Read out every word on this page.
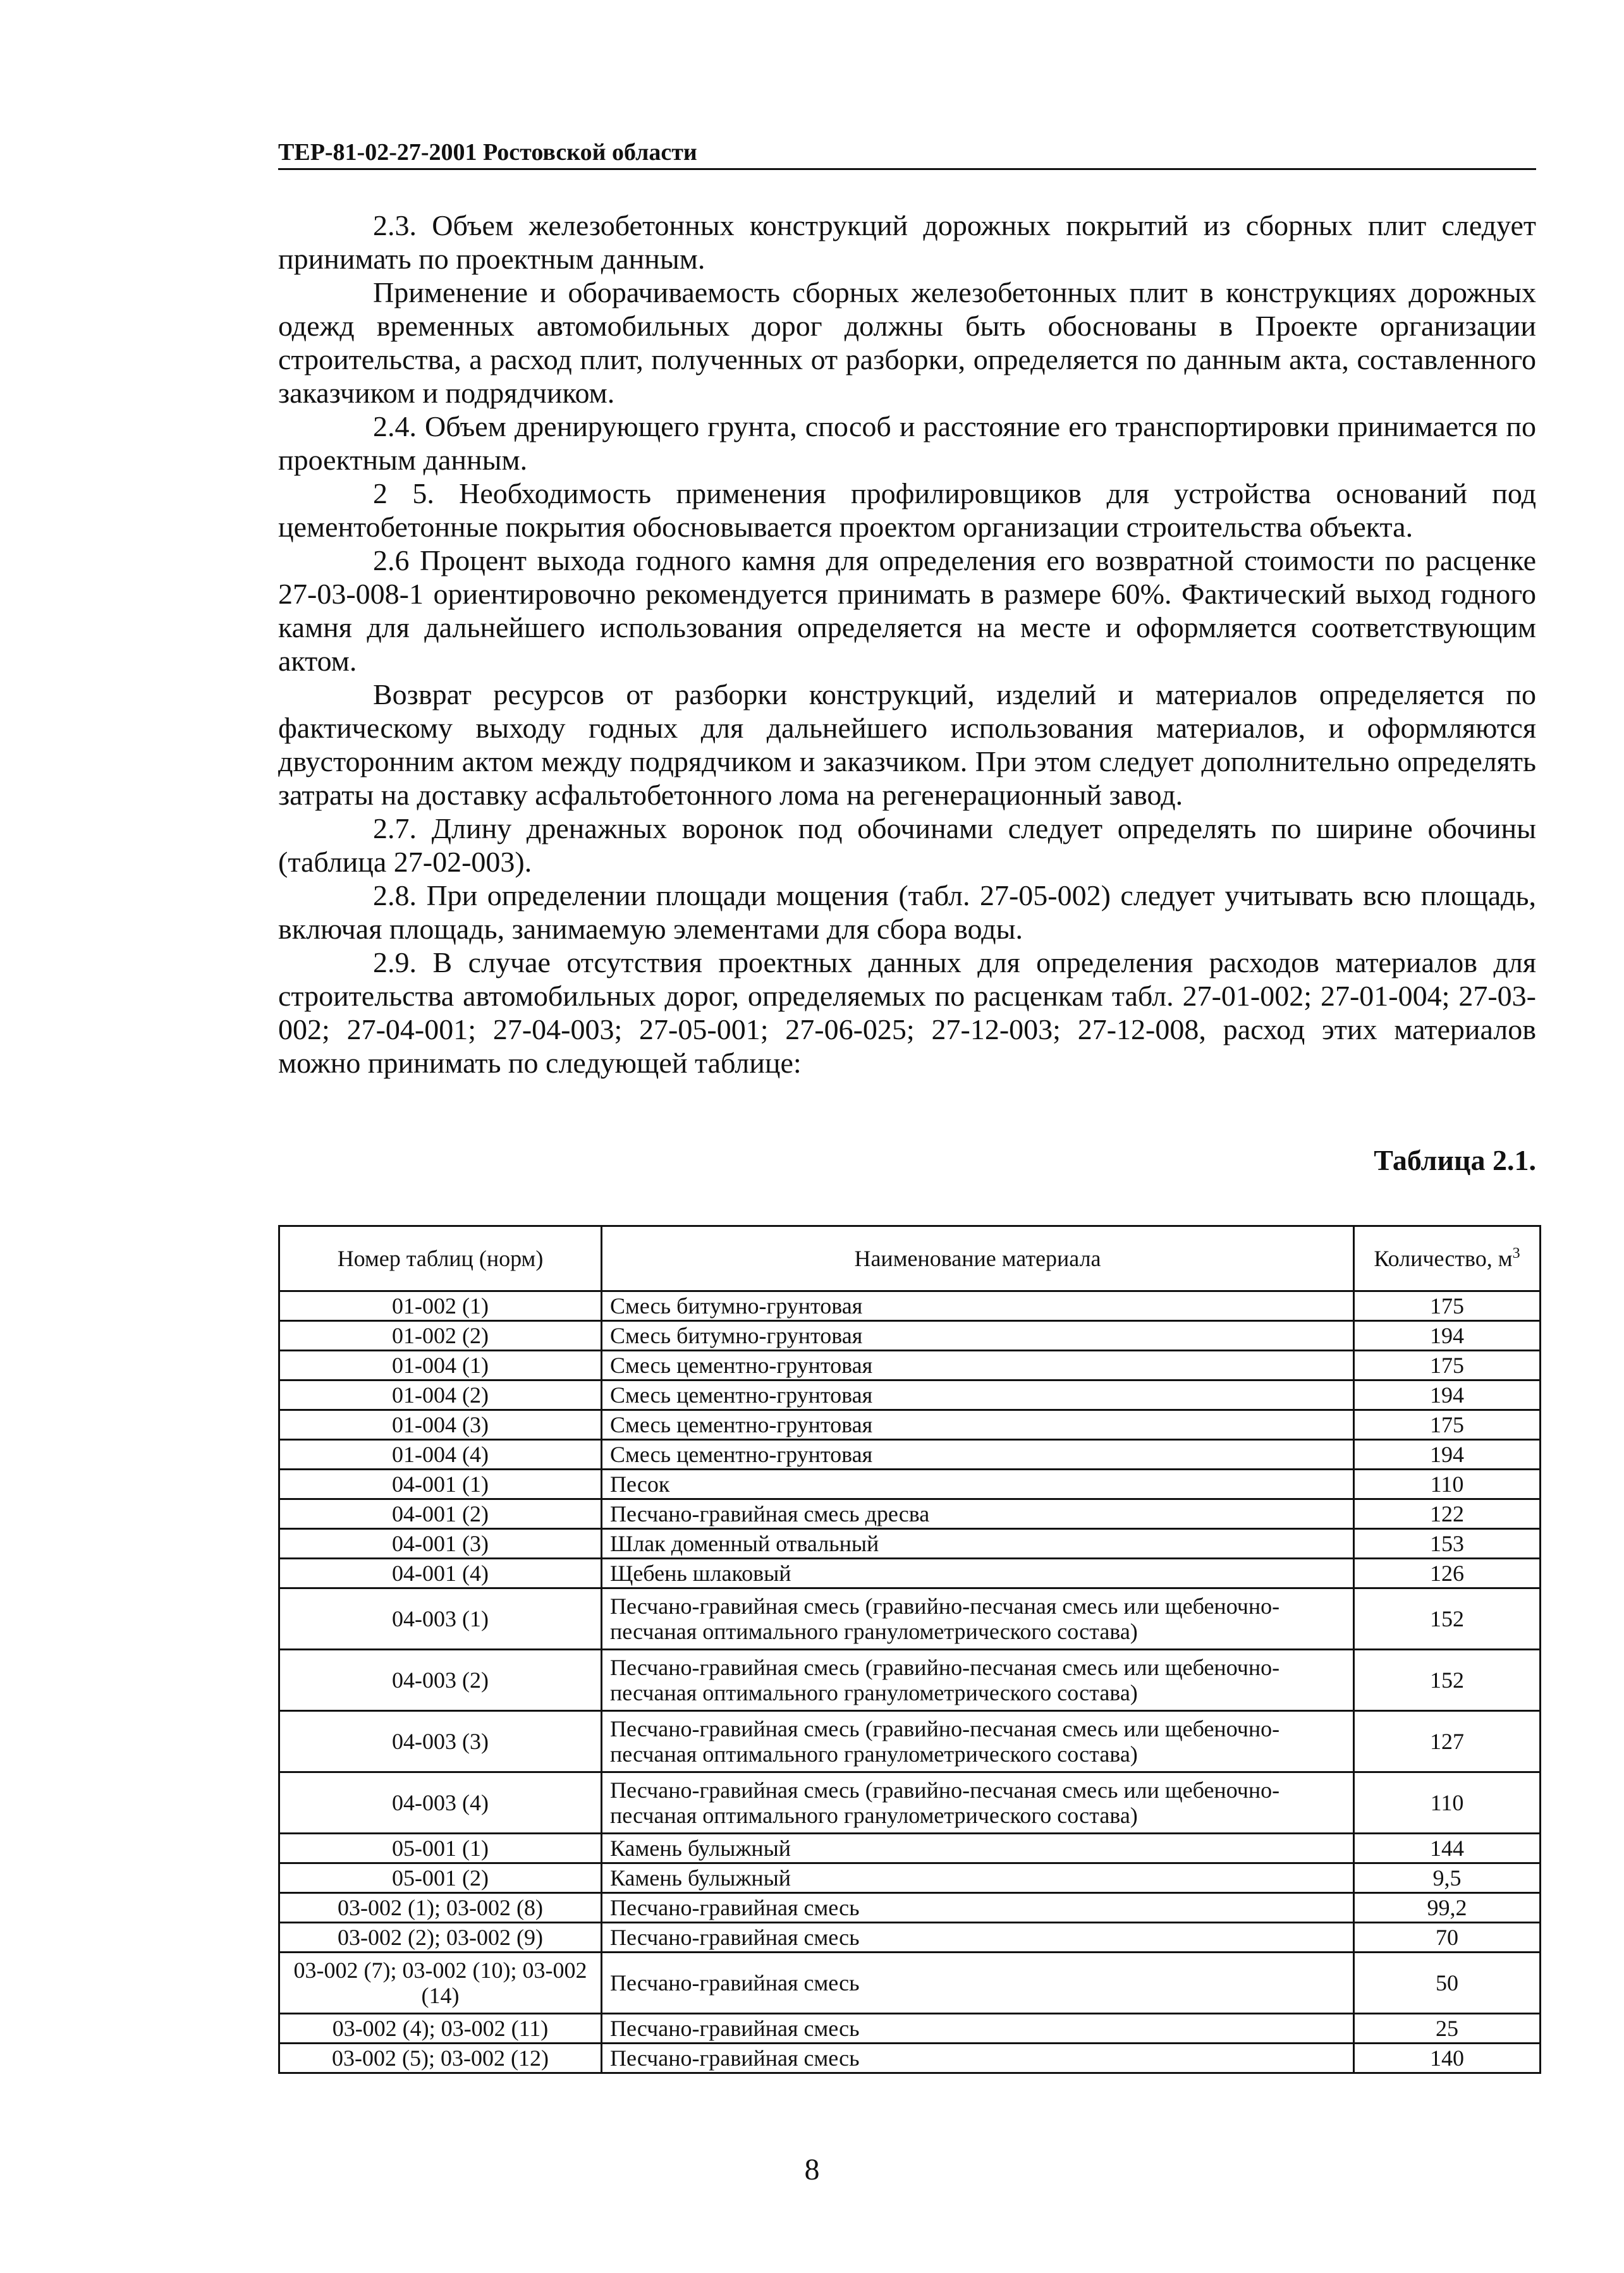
ТЕР-81-02-27-2001 Ростовской области

2.3. Объем железобетонных конструкций дорожных покрытий из сборных плит следует принимать по проектным данным.

Применение и оборачиваемость сборных железобетонных плит в конструкциях дорожных одежд временных автомобильных дорог должны быть обоснованы в Проекте организации строительства, а расход плит, полученных от разборки, определяется по данным акта, составленного заказчиком и подрядчиком.

2.4. Объем дренирующего грунта, способ и расстояние его транспортировки принимается по проектным данным.

2 5. Необходимость применения профилировщиков для устройства оснований под цементобетонные покрытия обосновывается проектом организации строительства объекта.

2.6 Процент выхода годного камня для определения его возвратной стоимости по расценке 27-03-008-1 ориентировочно рекомендуется принимать в размере 60%. Фактический выход годного камня для дальнейшего использования определяется на месте и оформляется соответствующим актом.

Возврат ресурсов от разборки конструкций, изделий и материалов определяется по фактическому выходу годных для дальнейшего использования материалов, и оформляются двусторонним актом между подрядчиком и заказчиком. При этом следует дополнительно определять затраты на доставку асфальтобетонного лома на регенерационный завод.

2.7. Длину дренажных воронок под обочинами следует определять по ширине обочины (таблица 27-02-003).

2.8. При определении площади мощения (табл. 27-05-002) следует учитывать всю площадь, включая площадь, занимаемую элементами для сбора воды.

2.9. В случае отсутствия проектных данных для определения расходов материалов для строительства автомобильных дорог, определяемых по расценкам табл. 27-01-002; 27-01-004; 27-03-002; 27-04-001; 27-04-003; 27-05-001; 27-06-025; 27-12-003; 27-12-008, расход этих материалов можно принимать по следующей таблице:

Таблица 2.1.
Номер таблиц (норм)	Наименование материала	Количество, $м^3$
01-002 (1)	Смесь битумно-грунтовая	175
01-002 (2)	Смесь битумно-грунтовая	194
01-004 (1)	Смесь цементно-грунтовая	175
01-004 (2)	Смесь цементно-грунтовая	194
01-004 (3)	Смесь цементно-грунтовая	175
01-004 (4)	Смесь цементно-грунтовая	194
04-001 (1)	Песок	110
04-001 (2)	Песчано-гравийная смесь дресва	122
04-001 (3)	Шлак доменный отвальный	153
04-001 (4)	Щебень шлаковый	126
04-003 (1)	Песчано-гравийная смесь (гравийно-песчаная смесь или щебеночно-песчаная оптимального гранулометрического состава)	152
04-003 (2)	Песчано-гравийная смесь (гравийно-песчаная смесь или щебеночно-песчаная оптимального гранулометрического состава)	152
04-003 (3)	Песчано-гравийная смесь (гравийно-песчаная смесь или щебеночно-песчаная оптимального гранулометрического состава)	127
04-003 (4)	Песчано-гравийная смесь (гравийно-песчаная смесь или щебеночно-песчаная оптимального гранулометрического состава)	110
05-001 (1)	Камень булыжный	144
05-001 (2)	Камень булыжный	9,5
03-002 (1); 03-002 (8)	Песчано-гравийная смесь	99,2
03-002 (2); 03-002 (9)	Песчано-гравийная смесь	70
03-002 (7); 03-002 (10); 03-002 (14)	Песчано-гравийная смесь	50
03-002 (4); 03-002 (11)	Песчано-гравийная смесь	25
03-002 (5); 03-002 (12)	Песчано-гравийная смесь	140
8
